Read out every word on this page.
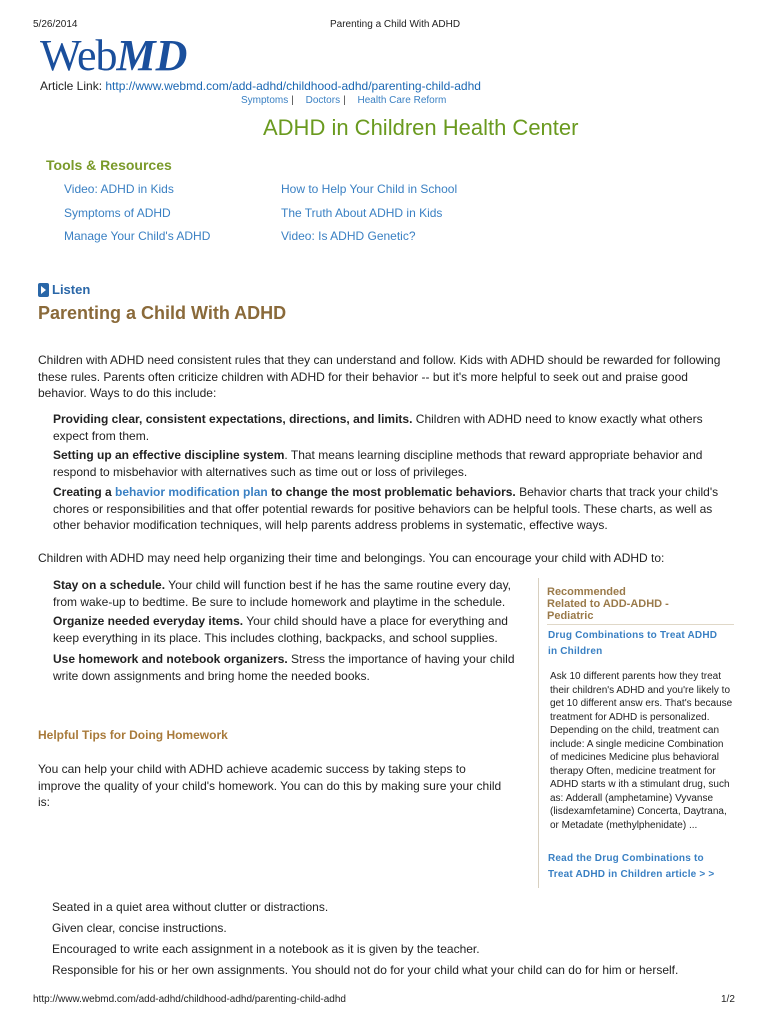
5/26/2014	Parenting a Child With ADHD
WebMD
Article Link: http://www.webmd.com/add-adhd/childhood-adhd/parenting-child-adhd
Symptoms | Doctors | Health Care Reform
ADHD in Children Health Center
Tools & Resources
Video: ADHD in Kids	How to Help Your Child in School
Symptoms of ADHD	The Truth About ADHD in Kids
Manage Your Child's ADHD	Video: Is ADHD Genetic?
Listen
Parenting a Child With ADHD
Children with ADHD need consistent rules that they can understand and follow. Kids with ADHD should be rewarded for following these rules. Parents often criticize children with ADHD for their behavior -- but it's more helpful to seek out and praise good behavior. Ways to do this include:
Providing clear, consistent expectations, directions, and limits. Children with ADHD need to know exactly what others expect from them.
Setting up an effective discipline system. That means learning discipline methods that reward appropriate behavior and respond to misbehavior with alternatives such as time out or loss of privileges.
Creating a behavior modification plan to change the most problematic behaviors. Behavior charts that track your child's chores or responsibilities and that offer potential rewards for positive behaviors can be helpful tools. These charts, as well as other behavior modification techniques, will help parents address problems in systematic, effective ways.
Children with ADHD may need help organizing their time and belongings. You can encourage your child with ADHD to:
Stay on a schedule. Your child will function best if he has the same routine every day, from wake-up to bedtime. Be sure to include homework and playtime in the schedule.
Organize needed everyday items. Your child should have a place for everything and keep everything in its place. This includes clothing, backpacks, and school supplies.
Use homework and notebook organizers. Stress the importance of having your child write down assignments and bring home the needed books.
Helpful Tips for Doing Homework
You can help your child with ADHD achieve academic success by taking steps to improve the quality of your child's homework. You can do this by making sure your child is:
Seated in a quiet area without clutter or distractions.
Given clear, concise instructions.
Encouraged to write each assignment in a notebook as it is given by the teacher.
Responsible for his or her own assignments. You should not do for your child what your child can do for him or herself.
Recommended
Related to ADD-ADHD -
Pediatric
Drug Combinations to Treat ADHD
in Children
Ask 10 different parents how they treat their children's ADHD and you're likely to get 10 different answ ers. That's because treatment for ADHD is personalized. Depending on the child, treatment can include: A single medicine Combination of medicines Medicine plus behavioral therapy Often, medicine treatment for ADHD starts w ith a stimulant drug, such as: Adderall (amphetamine) Vyvanse (lisdexamfetamine) Concerta, Daytrana, or Metadate (methylphenidate) ...
Read the Drug Combinations to
Treat ADHD in Children article > >
http://www.webmd.com/add-adhd/childhood-adhd/parenting-child-adhd	1/2
